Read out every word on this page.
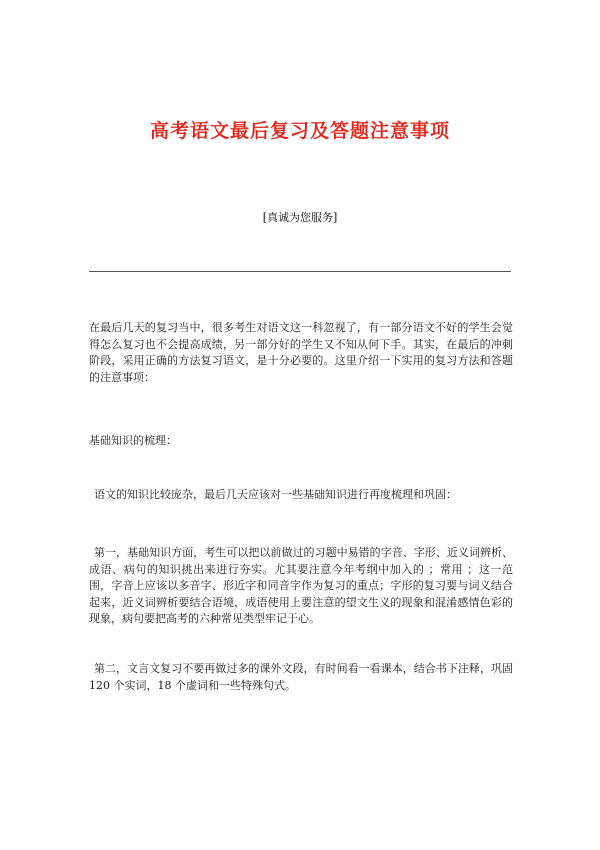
高考语文最后复习及答题注意事项
[真诚为您服务]
在最后几天的复习当中，很多考生对语文这一科忽视了，有一部分语文不好的学生会觉得怎么复习也不会提高成绩，另一部分好的学生又不知从何下手。其实，在最后的冲刺阶段，采用正确的方法复习语文，是十分必要的。这里介绍一下实用的复习方法和答题的注意事项：
基础知识的梳理：
语文的知识比较庞杂，最后几天应该对一些基础知识进行再度梳理和巩固：
第一，基础知识方面，考生可以把以前做过的习题中易错的字音、字形、近义词辨析、成语、病句的知识挑出来进行夯实。尤其要注意今年考纲中加入的 ；常用 ；这一范围，字音上应该以多音字、形近字和同音字作为复习的重点；字形的复习要与词义结合起来，近义词辨析要结合语境，成语使用上要注意的望文生义的现象和混淆感情色彩的现象，病句要把高考的六种常见类型牢记于心。
第二，文言文复习不要再做过多的课外文段，有时间看一看课本，结合书下注释，巩固 120 个实词，18 个虚词和一些特殊句式。
